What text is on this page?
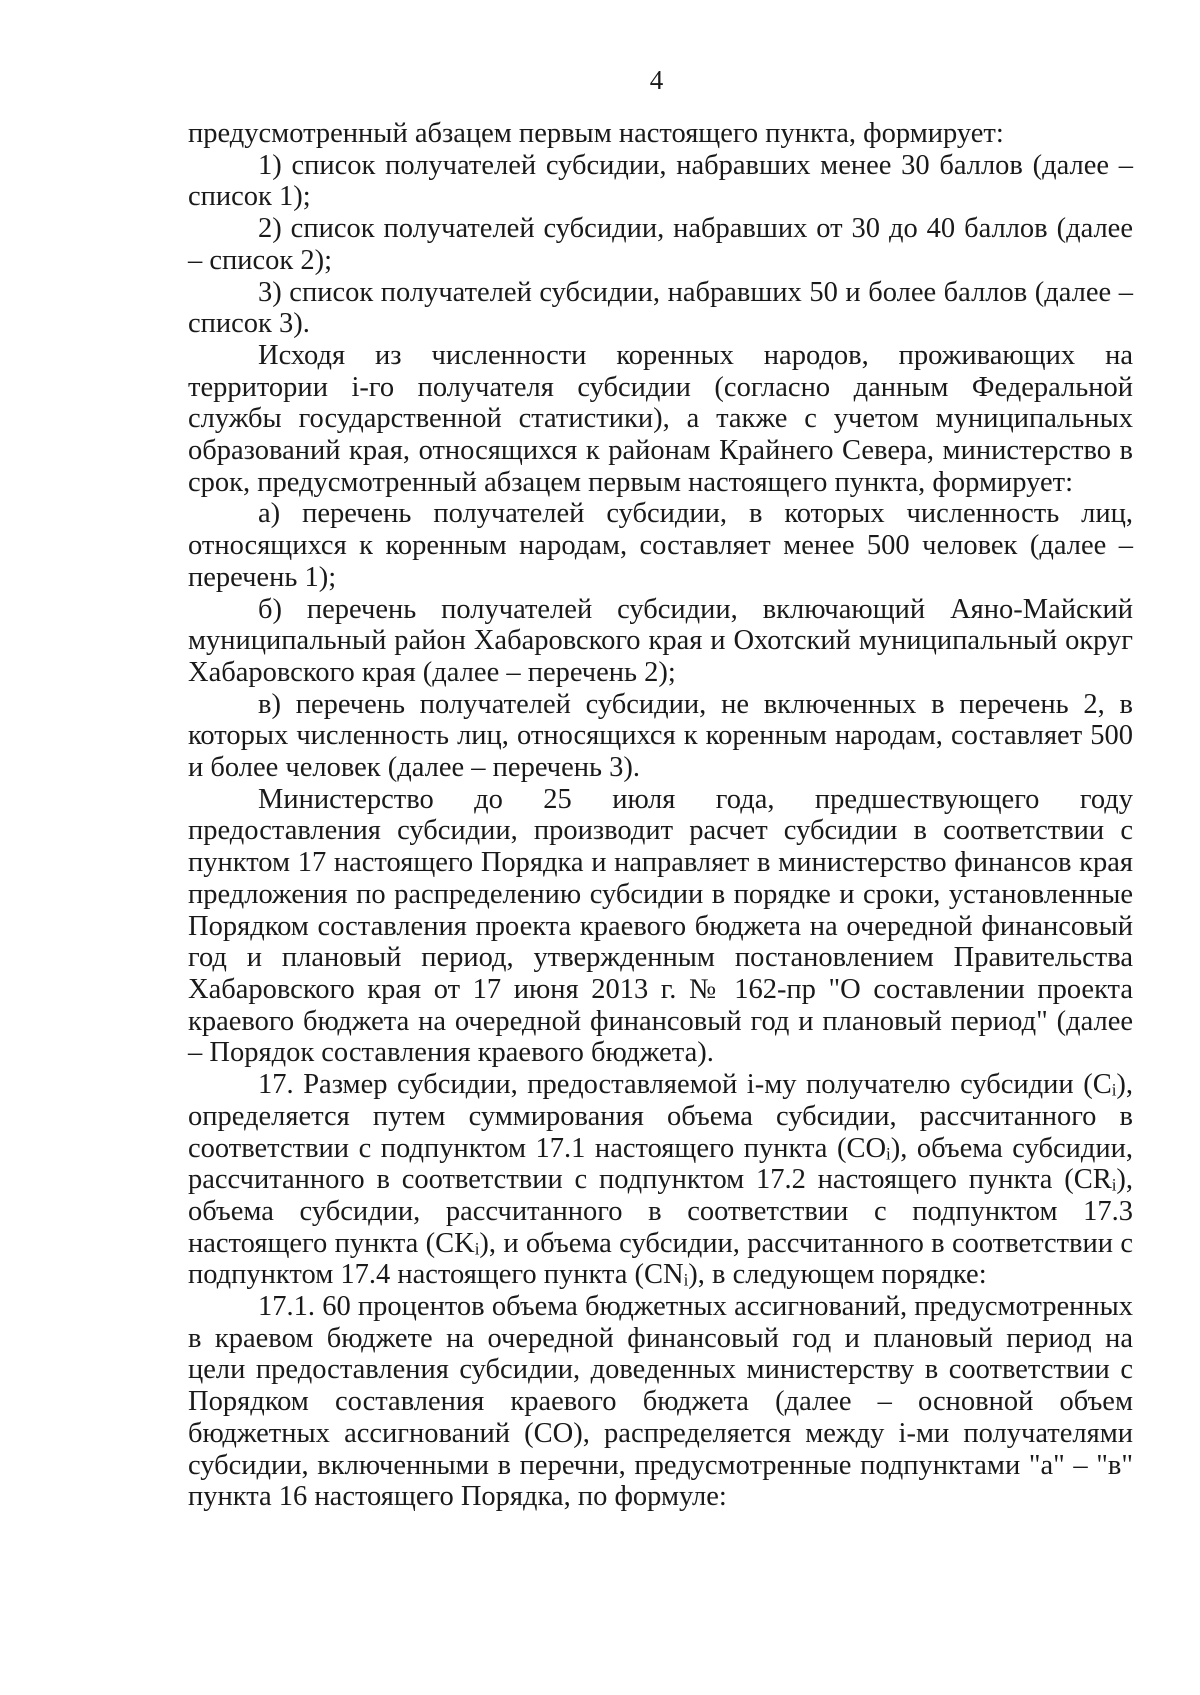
4

предусмотренный абзацем первым настоящего пункта, формирует:

1) список получателей субсидии, набравших менее 30 баллов (далее – список 1);

2) список получателей субсидии, набравших от 30 до 40 баллов (далее – список 2);

3) список получателей субсидии, набравших 50 и более баллов (далее – список 3).

Исходя из численности коренных народов, проживающих на территории i-го получателя субсидии (согласно данным Федеральной службы государственной статистики), а также с учетом муниципальных образований края, относящихся к районам Крайнего Севера, министерство в срок, предусмотренный абзацем первым настоящего пункта, формирует:

а) перечень получателей субсидии, в которых численность лиц, относящихся к коренным народам, составляет менее 500 человек (далее – перечень 1);

б) перечень получателей субсидии, включающий Аяно-Майский муниципальный район Хабаровского края и Охотский муниципальный округ Хабаровского края (далее – перечень 2);

в) перечень получателей субсидии, не включенных в перечень 2, в которых численность лиц, относящихся к коренным народам, составляет 500 и более человек (далее – перечень 3).

Министерство до 25 июля года, предшествующего году предоставления субсидии, производит расчет субсидии в соответствии с пунктом 17 настоящего Порядка и направляет в министерство финансов края предложения по распределению субсидии в порядке и сроки, установленные Порядком составления проекта краевого бюджета на очередной финансовый год и плановый период, утвержденным постановлением Правительства Хабаровского края от 17 июня 2013 г. № 162-пр "О составлении проекта краевого бюджета на очередной финансовый год и плановый период" (далее – Порядок составления краевого бюджета).

17. Размер субсидии, предоставляемой i-му получателю субсидии (Cᵢ), определяется путем суммирования объема субсидии, рассчитанного в соответствии с подпунктом 17.1 настоящего пункта (COᵢ), объема субсидии, рассчитанного в соответствии с подпунктом 17.2 настоящего пункта (CRᵢ), объема субсидии, рассчитанного в соответствии с подпунктом 17.3 настоящего пункта (CKᵢ), и объема субсидии, рассчитанного в соответствии с подпунктом 17.4 настоящего пункта (CNᵢ), в следующем порядке:

17.1. 60 процентов объема бюджетных ассигнований, предусмотренных в краевом бюджете на очередной финансовый год и плановый период на цели предоставления субсидии, доведенных министерству в соответствии с Порядком составления краевого бюджета (далее – основной объем бюджетных ассигнований (CO), распределяется между i-ми получателями субсидии, включенными в перечни, предусмотренные подпунктами "а" – "в" пункта 16 настоящего Порядка, по формуле:
